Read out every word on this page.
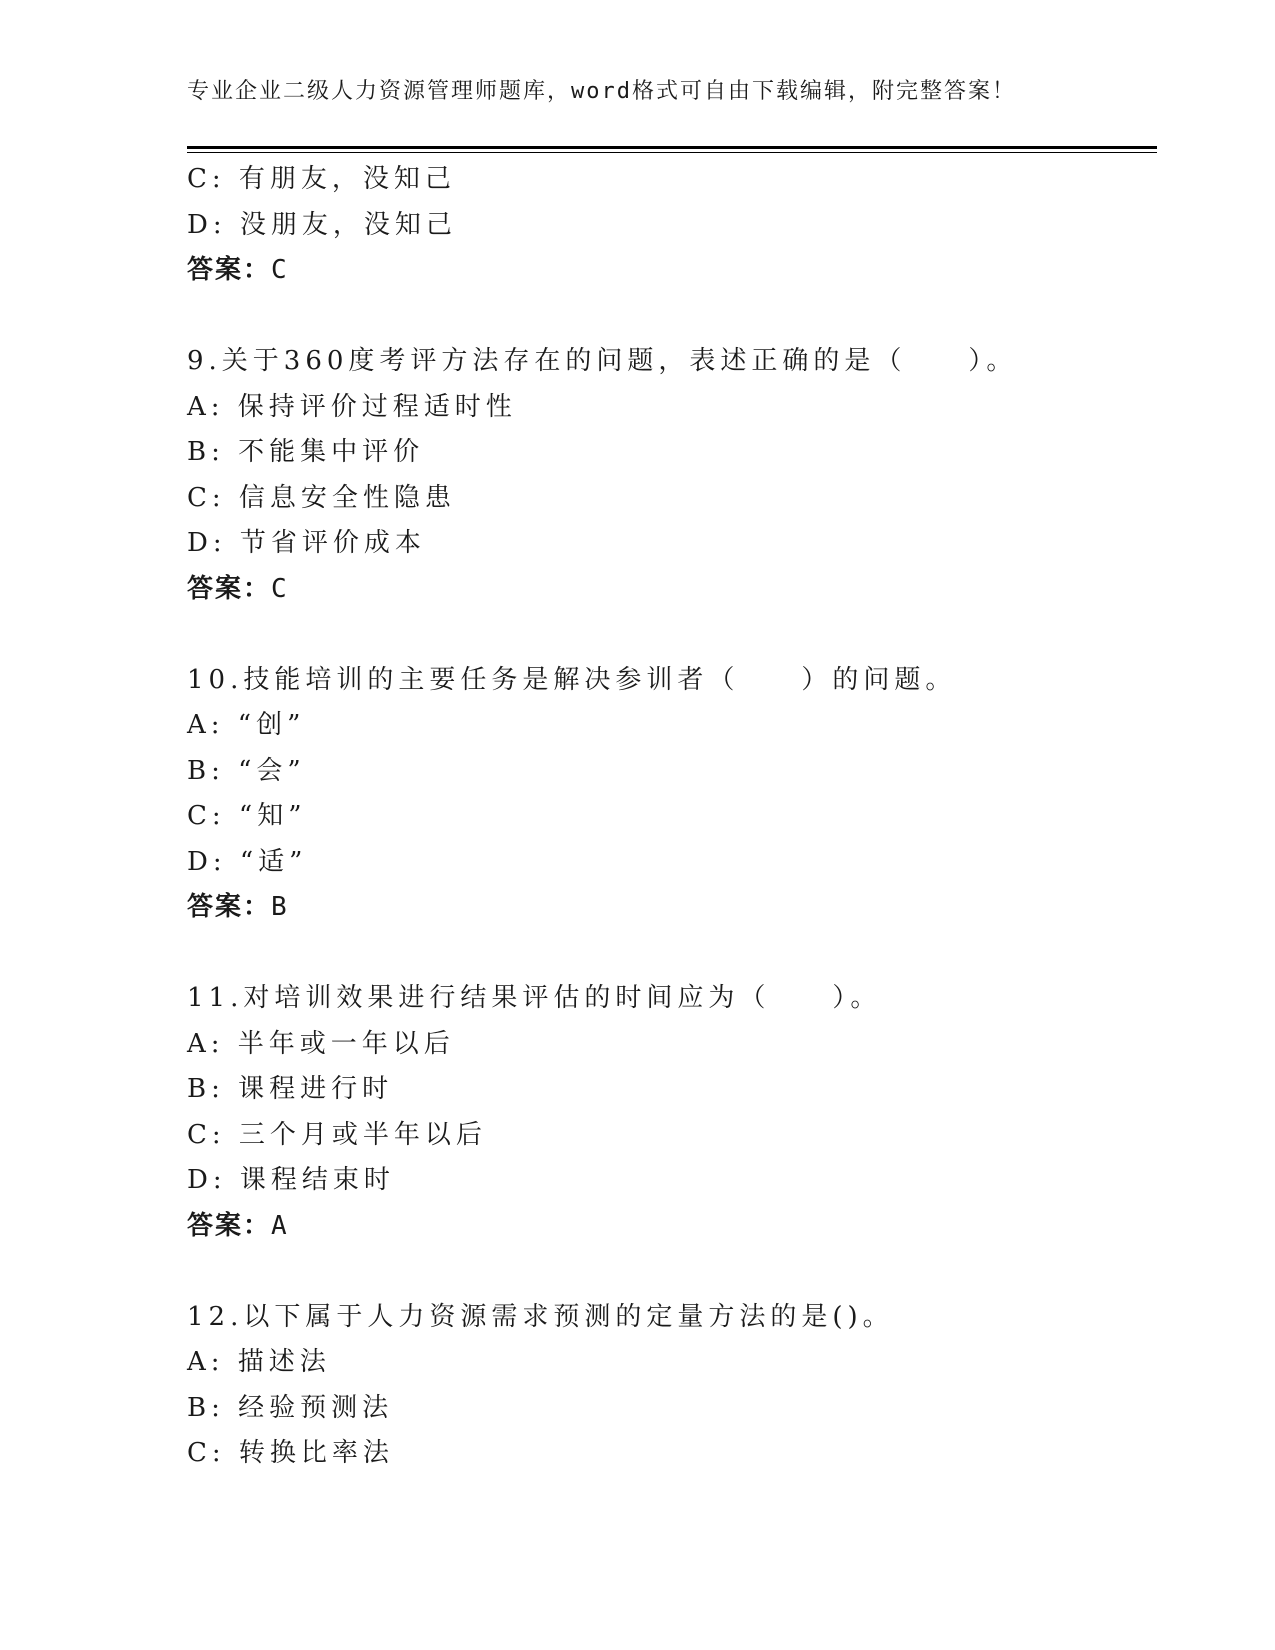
专业企业二级人力资源管理师题库，word格式可自由下载编辑，附完整答案！
C: 有朋友，没知己
D: 没朋友，没知己
答案：C
9.关于360度考评方法存在的问题，表述正确的是（　　）。
A: 保持评价过程适时性
B: 不能集中评价
C: 信息安全性隐患
D: 节省评价成本
答案：C
10.技能培训的主要任务是解决参训者（　　）的问题。
A: “创”
B: “会”
C: “知”
D: “适”
答案：B
11.对培训效果进行结果评估的时间应为（　　）。
A: 半年或一年以后
B: 课程进行时
C: 三个月或半年以后
D: 课程结束时
答案：A
12.以下属于人力资源需求预测的定量方法的是()。
A: 描述法
B: 经验预测法
C: 转换比率法
